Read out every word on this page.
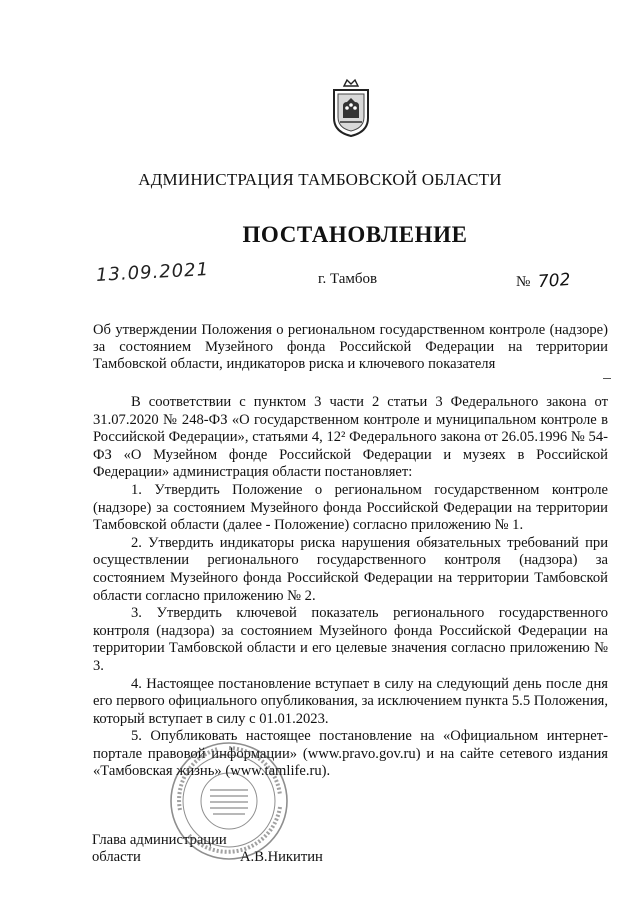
АДМИНИСТРАЦИЯ ТАМБОВСКОЙ ОБЛАСТИ
ПОСТАНОВЛЕНИЕ
13.09.2021	г. Тамбов	№ 702
Об утверждении Положения о региональном государственном контроле (надзоре) за состоянием Музейного фонда Российской Федерации на территории Тамбовской области, индикаторов риска и ключевого показателя

В соответствии с пунктом 3 части 2 статьи 3 Федерального закона от 31.07.2020 № 248-ФЗ «О государственном контроле и муниципальном контроле в Российской Федерации», статьями 4, 12² Федерального закона от 26.05.1996 № 54-ФЗ «О Музейном фонде Российской Федерации и музеях в Российской Федерации» администрация области постановляет:

1. Утвердить Положение о региональном государственном контроле (надзоре) за состоянием Музейного фонда Российской Федерации на территории Тамбовской области (далее - Положение) согласно приложению № 1.

2. Утвердить индикаторы риска нарушения обязательных требований при осуществлении регионального государственного контроля (надзора) за состоянием Музейного фонда Российской Федерации на территории Тамбовской области согласно приложению № 2.

3. Утвердить ключевой показатель регионального государственного контроля (надзора) за состоянием Музейного фонда Российской Федерации на территории Тамбовской области и его целевые значения согласно приложению № 3.

4. Настоящее постановление вступает в силу на следующий день после дня его первого официального опубликования, за исключением пункта 5.5 Положения, который вступает в силу с 01.01.2023.

5. Опубликовать настоящее постановление на «Официальном интернет-портале правовой информации» (www.pravo.gov.ru) и на сайте сетевого издания «Тамбовская жизнь» (www.tamlife.ru).

Глава администрации
области	А.В.Никитин
